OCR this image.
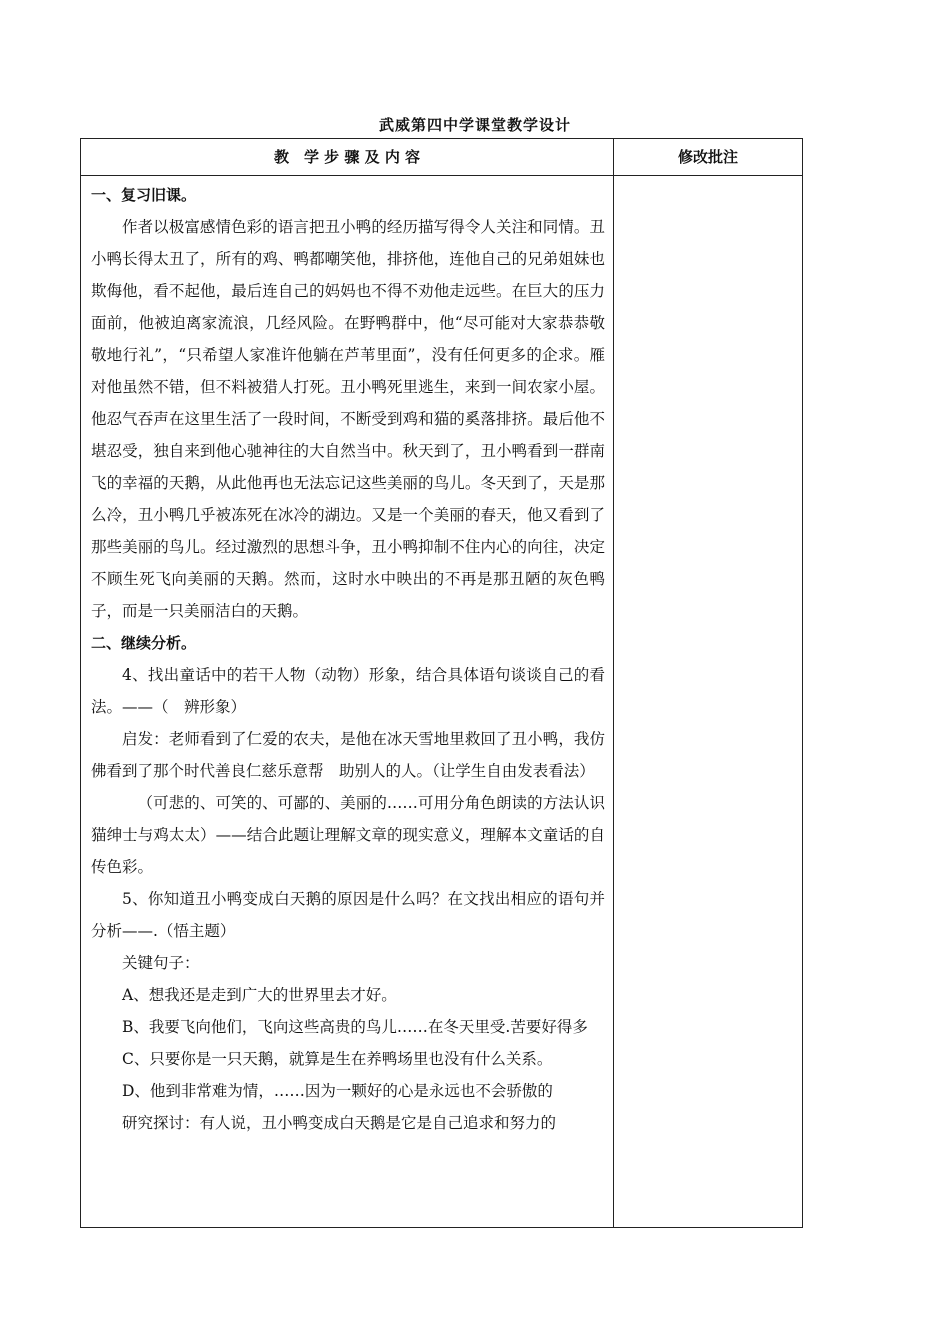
武威第四中学课堂教学设计
教　学 步 骤 及 内 容	修改批注

一、复习旧课。

作者以极富感情色彩的语言把丑小鸭的经历描写得令人关注和同情。丑小鸭长得太丑了，所有的鸡、鸭都嘲笑他，排挤他，连他自己的兄弟姐妹也欺侮他，看不起他，最后连自己的妈妈也不得不劝他走远些。在巨大的压力面前，他被迫离家流浪，几经风险。在野鸭群中，他“尽可能对大家恭恭敬敬地行礼”，“只希望人家准许他躺在芦苇里面”，没有任何更多的企求。雁对他虽然不错，但不料被猎人打死。丑小鸭死里逃生，来到一间农家小屋。他忍气吞声在这里生活了一段时间，不断受到鸡和猫的奚落排挤。最后他不堪忍受，独自来到他心驰神往的大自然当中。秋天到了，丑小鸭看到一群南飞的幸福的天鹅，从此他再也无法忘记这些美丽的鸟儿。冬天到了，天是那么冷，丑小鸭几乎被冻死在冰冷的湖边。又是一个美丽的春天，他又看到了那些美丽的鸟儿。经过激烈的思想斗争，丑小鸭抑制不住内心的向往，决定不顾生死飞向美丽的天鹅。然而，这时水中映出的不再是那丑陋的灰色鸭子，而是一只美丽洁白的天鹅。

二、继续分析。

4、找出童话中的若干人物（动物）形象，结合具体语句谈谈自己的看法。——（　辨形象）

启发：老师看到了仁爱的农夫，是他在冰天雪地里救回了丑小鸭，我仿佛看到了那个时代善良仁慈乐意帮　助别人的人。（让学生自由发表看法）

（可悲的、可笑的、可鄙的、美丽的……可用分角色朗读的方法认识猫绅士与鸡太太）——结合此题让理解文章的现实意义，理解本文童话的自传色彩。

5、你知道丑小鸭变成白天鹅的原因是什么吗？在文找出相应的语句并分析——.（悟主题）

关键句子：

A、想我还是走到广大的世界里去才好。

B、我要飞向他们，飞向这些高贵的鸟儿……在冬天里受.苦要好得多

C、只要你是一只天鹅，就算是生在养鸭场里也没有什么关系。

D、他到非常难为情，……因为一颗好的心是永远也不会骄傲的

研究探讨：有人说，丑小鸭变成白天鹅是它是自己追求和努力的
